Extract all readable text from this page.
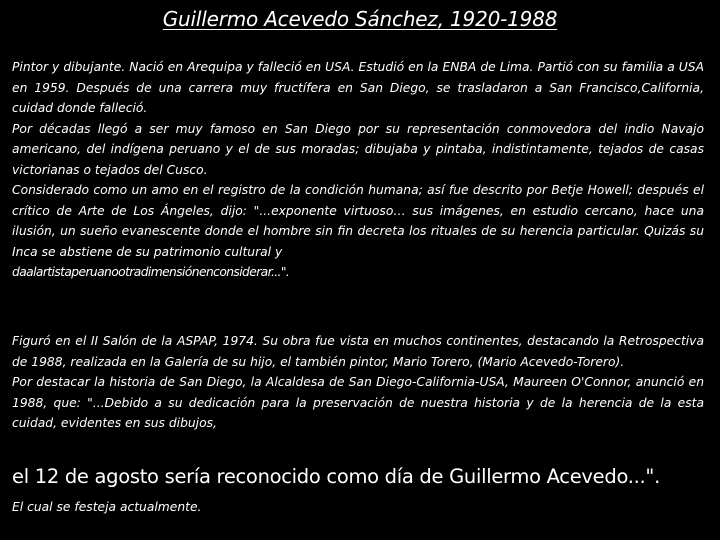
Guillermo Acevedo Sánchez, 1920-1988

Pintor y dibujante. Nació en Arequipa y falleció en USA. Estudió en la ENBA de Lima. Partió con su familia a USA en 1959. Después de una carrera muy fructífera en San Diego, se trasladaron a San Francisco,California, cuidad donde falleció.

Por décadas llegó a ser muy famoso en San Diego por su representación conmovedora del indio Navajo americano, del indígena peruano y el de sus moradas; dibujaba y pintaba, indistintamente, tejados de casas victorianas o tejados del Cusco.

Considerado como un amo en el registro de la condición humana; así fue descrito por Betje Howell; después el crítico de Arte de Los Ángeles, dijo: "...exponente virtuoso… sus imágenes, en estudio cercano, hace una ilusión, un sueño evanescente donde el hombre sin fin decreta los rituales de su herencia particular. Quizás su Inca se abstiene de su patrimonio cultural y

daalartistaperuanootradimensiónenconsiderar...".

Figuró en el II Salón de la ASPAP, 1974. Su obra fue vista en muchos continentes, destacando la Retrospectiva de 1988, realizada en la Galería de su hijo, el también pintor, Mario Torero, (Mario Acevedo-Torero).

Por destacar la historia de San Diego, la Alcaldesa de San Diego-California-USA, Maureen O'Connor, anunció en 1988, que: "...Debido a su dedicación para la preservación de nuestra historia y de la herencia de la esta cuidad, evidentes en sus dibujos,

el 12 de agosto sería reconocido como día de Guillermo Acevedo...".
El cual se festeja actualmente.
